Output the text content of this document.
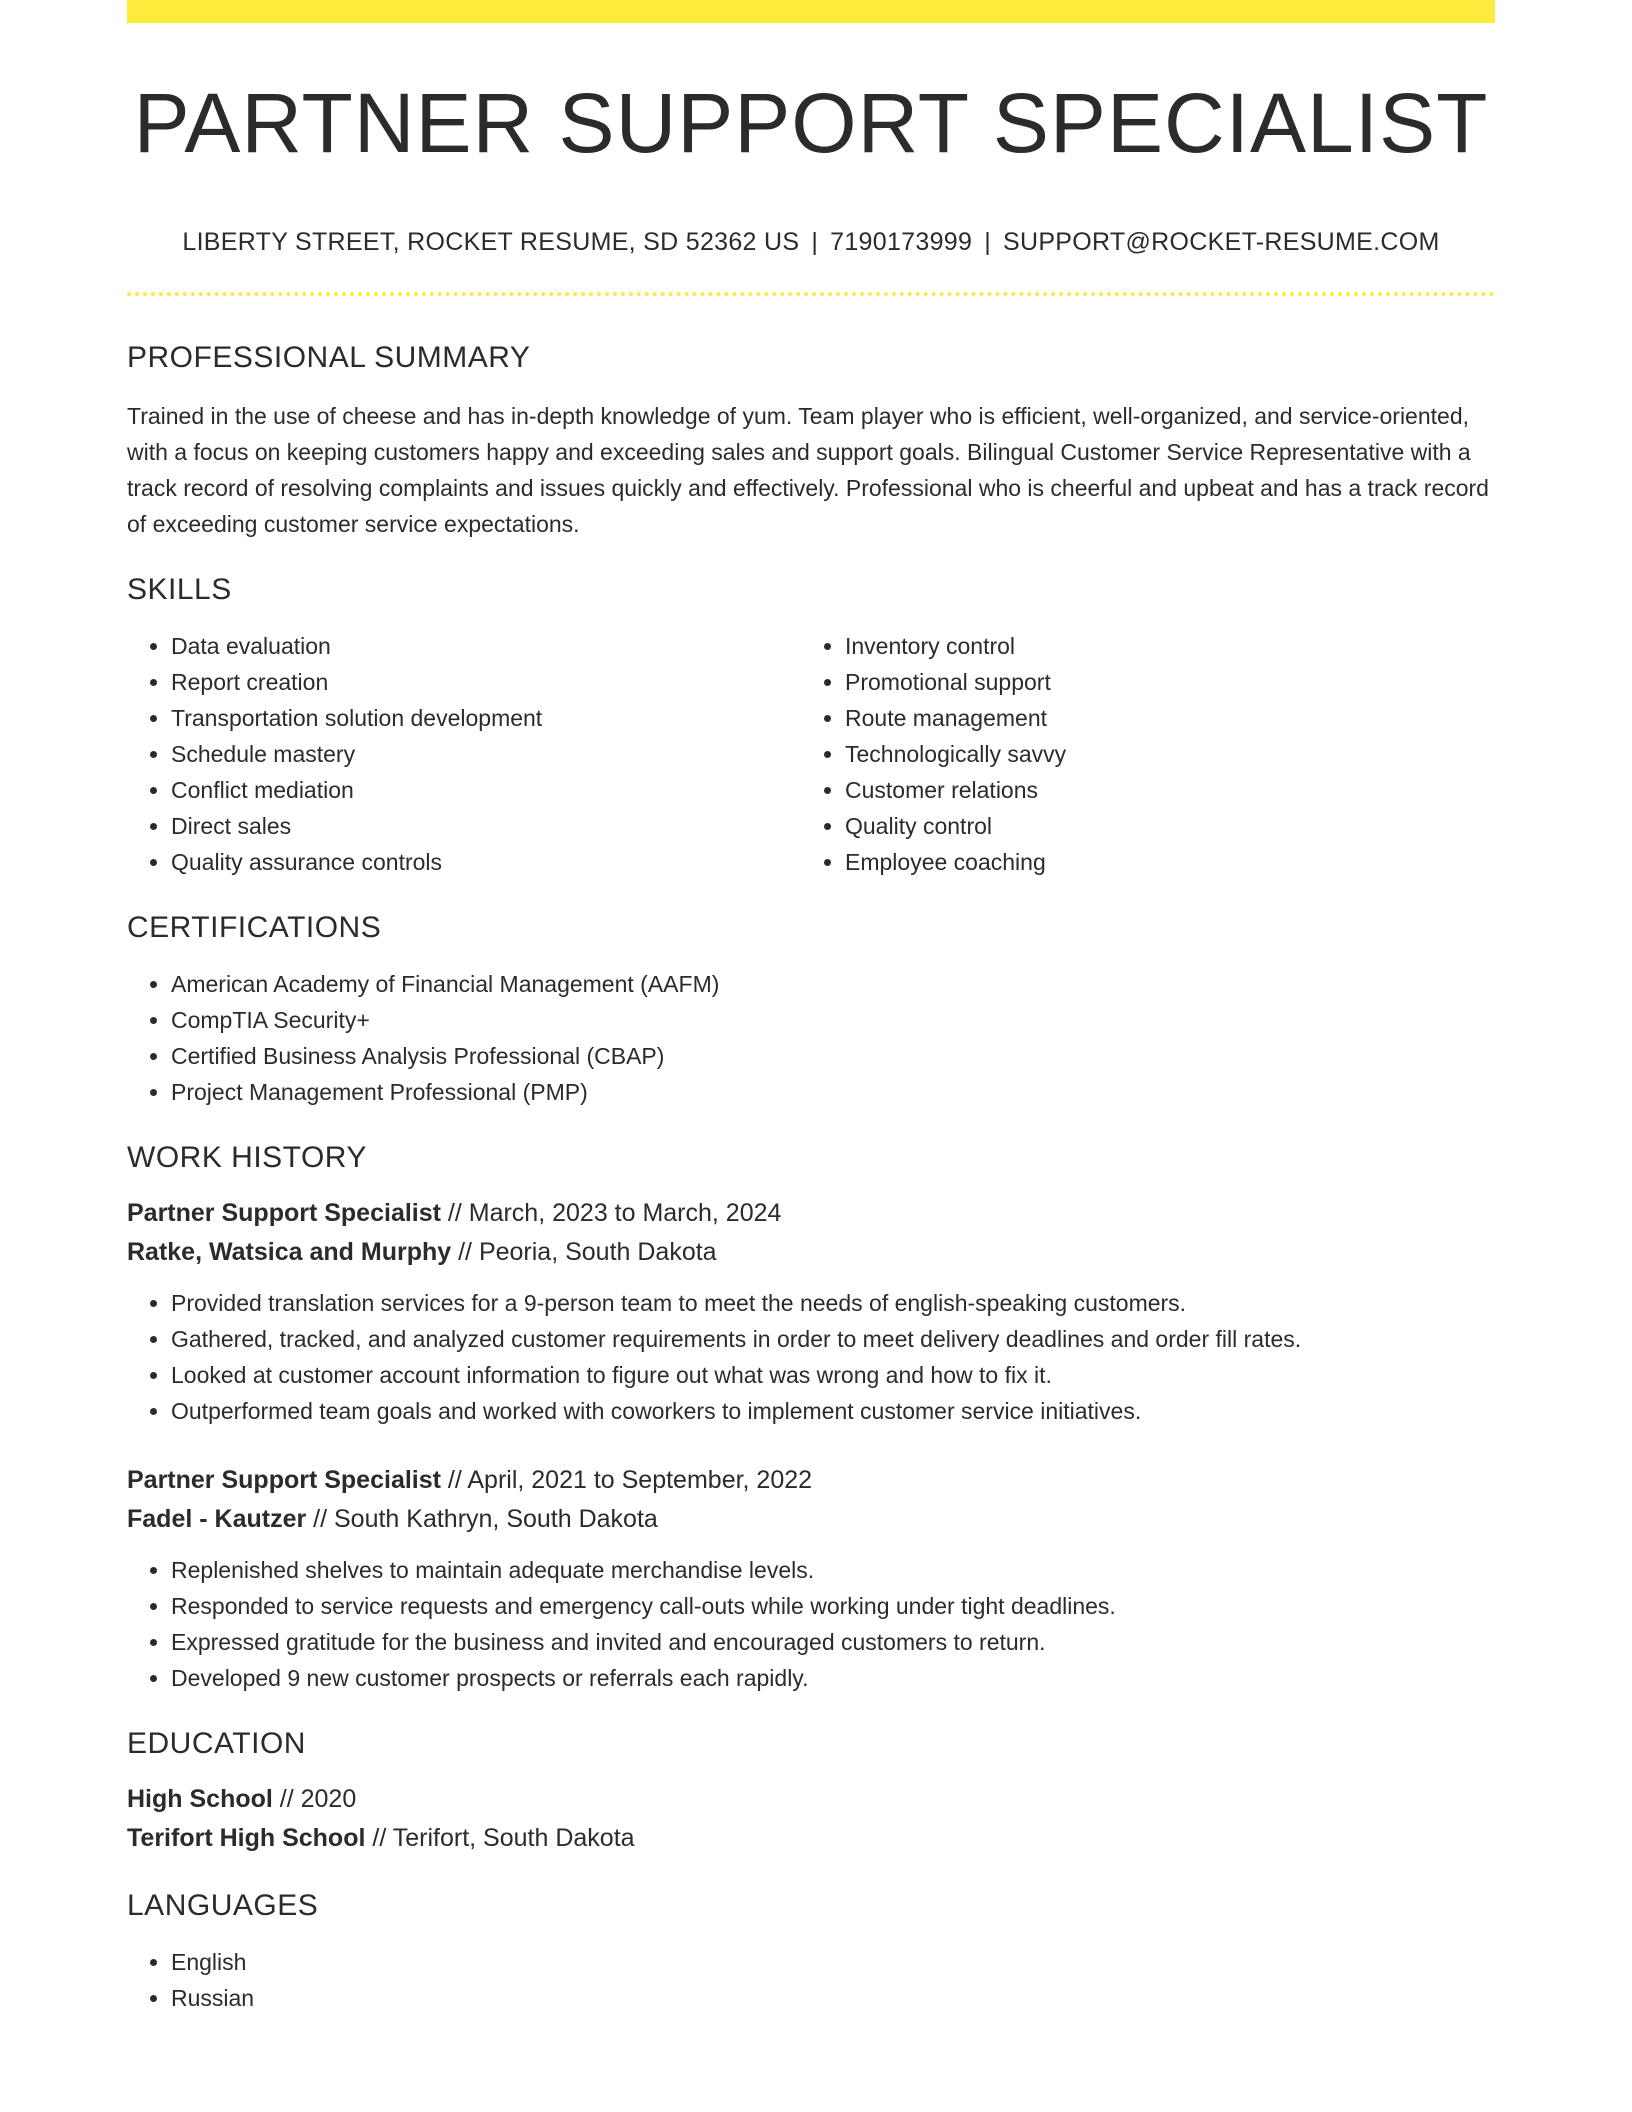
PARTNER SUPPORT SPECIALIST
LIBERTY STREET, ROCKET RESUME, SD 52362 US | 7190173999 | SUPPORT@ROCKET-RESUME.COM
PROFESSIONAL SUMMARY

Trained in the use of cheese and has in-depth knowledge of yum. Team player who is efficient, well-organized, and service-oriented, with a focus on keeping customers happy and exceeding sales and support goals. Bilingual Customer Service Representative with a track record of resolving complaints and issues quickly and effectively. Professional who is cheerful and upbeat and has a track record of exceeding customer service expectations.

SKILLS
• Data evaluation
• Report creation
• Transportation solution development
• Schedule mastery
• Conflict mediation
• Direct sales
• Quality assurance controls
• Inventory control
• Promotional support
• Route management
• Technologically savvy
• Customer relations
• Quality control
• Employee coaching
CERTIFICATIONS
• American Academy of Financial Management (AAFM)
• CompTIA Security+
• Certified Business Analysis Professional (CBAP)
• Project Management Professional (PMP)
WORK HISTORY
Partner Support Specialist // March, 2023 to March, 2024
Ratke, Watsica and Murphy // Peoria, South Dakota
• Provided translation services for a 9-person team to meet the needs of english-speaking customers.
• Gathered, tracked, and analyzed customer requirements in order to meet delivery deadlines and order fill rates.
• Looked at customer account information to figure out what was wrong and how to fix it.
• Outperformed team goals and worked with coworkers to implement customer service initiatives.
Partner Support Specialist // April, 2021 to September, 2022
Fadel - Kautzer // South Kathryn, South Dakota
• Replenished shelves to maintain adequate merchandise levels.
• Responded to service requests and emergency call-outs while working under tight deadlines.
• Expressed gratitude for the business and invited and encouraged customers to return.
• Developed 9 new customer prospects or referrals each rapidly.
EDUCATION
High School // 2020
Terifort High School // Terifort, South Dakota
LANGUAGES
• English
• Russian
